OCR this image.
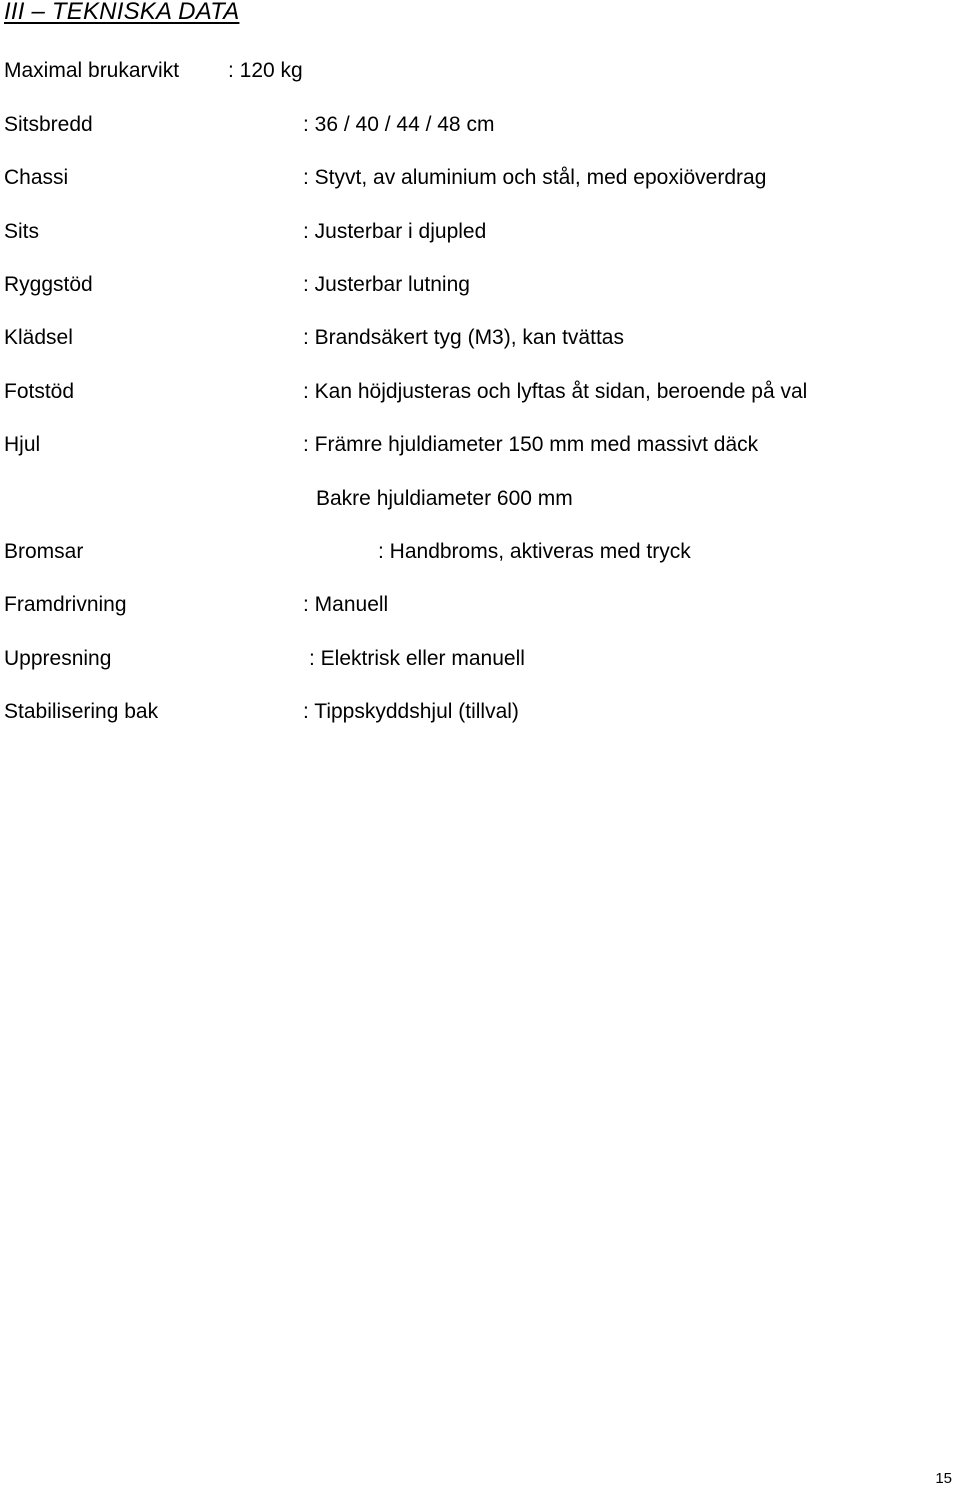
III – TEKNISKA DATA
Maximal brukarvikt : 120 kg
Sitsbredd	: 36 / 40 / 44 / 48 cm
Chassi	: Styvt, av aluminium och stål, med epoxiöverdrag
Sits	: Justerbar i djupled
Ryggstöd	: Justerbar lutning
Klädsel	: Brandsäkert tyg (M3), kan tvättas
Fotstöd	: Kan höjdjusteras och lyftas åt sidan, beroende på val
Hjul	: Främre hjuldiameter 150 mm med massivt däck
Bakre hjuldiameter 600 mm
Bromsar	: Handbroms, aktiveras med tryck
Framdrivning	: Manuell
Uppresning	: Elektrisk eller manuell
Stabilisering bak	: Tippskyddshjul (tillval)
15
